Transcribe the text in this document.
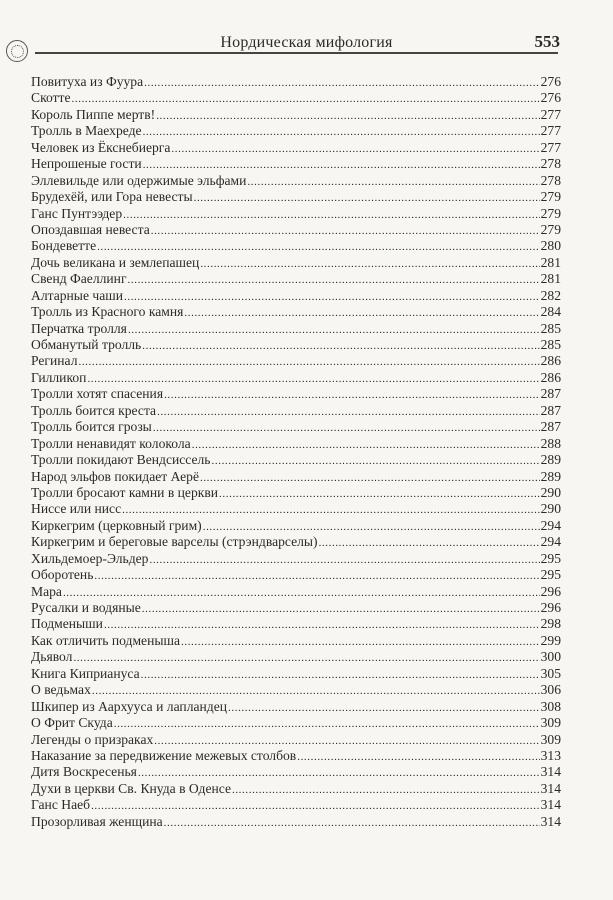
Нордическая мифология	553
Повитуха из Фуура .....	276
Скотте .....	276
Король Пиппе мертв! .....	277
Тролль в Маехреде .....	277
Человек из Ёкснебиерга .....	277
Непрошеные гости .....	278
Эллевильде или одержимые эльфами .....	278
Брудехёй, или Гора невесты .....	279
Ганс Пунтээдер .....	279
Опоздавшая невеста .....	279
Бондеветте .....	280
Дочь великана и землепашец .....	281
Свенд Фаеллинг .....	281
Алтарные чаши .....	282
Тролль из Красного камня .....	284
Перчатка тролля .....	285
Обманутый тролль .....	285
Регинал .....	286
Гилликоп .....	286
Тролли хотят спасения .....	287
Тролль боится креста .....	287
Тролль боится грозы .....	287
Тролли ненавидят колокола .....	288
Тролли покидают Вендсиссель .....	289
Народ эльфов покидает Аерё .....	289
Тролли бросают камни в церкви .....	290
Ниссе или нисс .....	290
Киркегрим (церковный грим) .....	294
Киркегрим и береговые варселы (стрэндварселы) .....	294
Хильдемоер-Эльдер .....	295
Оборотень .....	295
Мара .....	296
Русалки и водяные .....	296
Подменыши .....	298
Как отличить подменыша .....	299
Дьявол .....	300
Книга Киприануса .....	305
О ведьмах .....	306
Шкипер из Аархууса и лапландец .....	308
О Фрит Скуда .....	309
Легенды о призраках .....	309
Наказание за передвижение межевых столбов .....	313
Дитя Воскресенья .....	314
Духи в церкви Св. Кнуда в Оденсе .....	314
Ганс Наеб .....	314
Прозорливая женщина .....	314
